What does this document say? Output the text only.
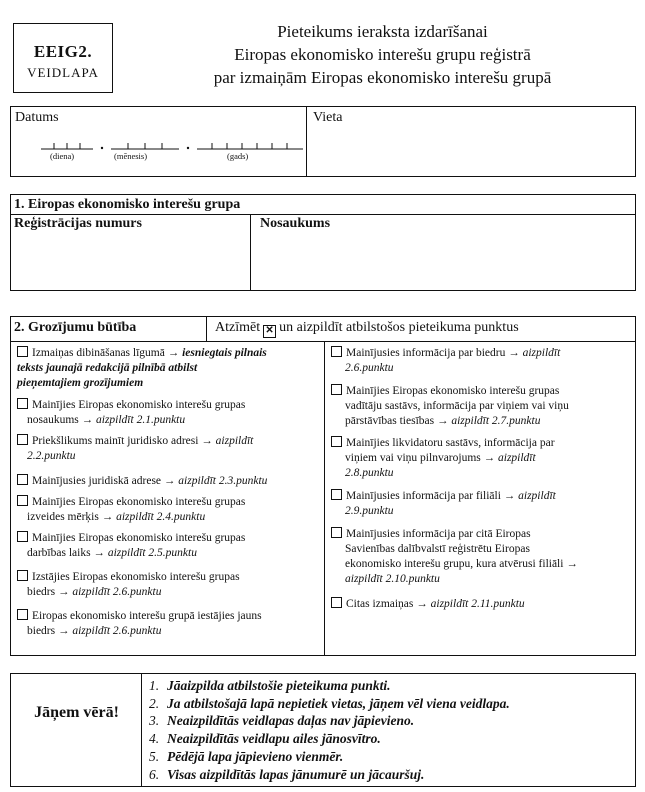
EEIG2.
VEIDLAPA
Pieteikums ieraksta izdarīšanai
Eiropas ekonomisko interešu grupu reģistrā
par izmaiņām Eiropas ekonomisko interešu grupā
Datums
(diena)	(mēnesis)	(gads)
Vieta
1. Eiropas ekonomisko interešu grupa
Reģistrācijas numurs	Nosaukums
2. Grozījumu būtība	Atzīmēt ✕ un aizpildīt atbilstošos pieteikuma punktus
Izmaiņas dibināšanas līgumā → iesniegtais pilnais
teksts jaunajā redakcijā pilnībā atbilst
pieņemtajiem grozījumiem
Mainījies Eiropas ekonomisko interešu grupas
nosaukums → aizpildīt 2.1.punktu
Priekšlikums mainīt juridisko adresi → aizpildīt
2.2.punktu
Mainījusies juridiskā adrese → aizpildīt 2.3.punktu
Mainījies Eiropas ekonomisko interešu grupas
izveides mērķis → aizpildīt 2.4.punktu
Mainījies Eiropas ekonomisko interešu grupas
darbības laiks → aizpildīt 2.5.punktu
Izstājies Eiropas ekonomisko interešu grupas
biedrs → aizpildīt 2.6.punktu
Eiropas ekonomisko interešu grupā iestājies jauns
biedrs → aizpildīt 2.6.punktu
Mainījusies informācija par biedru → aizpildīt
2.6.punktu
Mainījies Eiropas ekonomisko interešu grupas
vadītāju sastāvs, informācija par viņiem vai viņu
pārstāvības tiesības → aizpildīt 2.7.punktu
Mainījies likvidatoru sastāvs, informācija par
viņiem vai viņu pilnvarojums → aizpildīt
2.8.punktu
Mainījusies informācija par filiāli → aizpildīt
2.9.punktu
Mainījusies informācija par citā Eiropas
Savienības dalībvalstī reģistrētu Eiropas
ekonomisko interešu grupu, kura atvērusi filiāli →
aizpildīt 2.10.punktu
Citas izmaiņas → aizpildīt 2.11.punktu
Jāņem vērā!
1. Jāaizpilda atbilstošie pieteikuma punkti.
2. Ja atbilstošajā lapā nepietiek vietas, jāņem vēl viena veidlapa.
3. Neaizpildītās veidlapas daļas nav jāpievieno.
4. Neaizpildītās veidlapu ailes jānosvītro.
5. Pēdējā lapa jāpievieno vienmēr.
6. Visas aizpildītās lapas jānumurē un jācauršuj.
